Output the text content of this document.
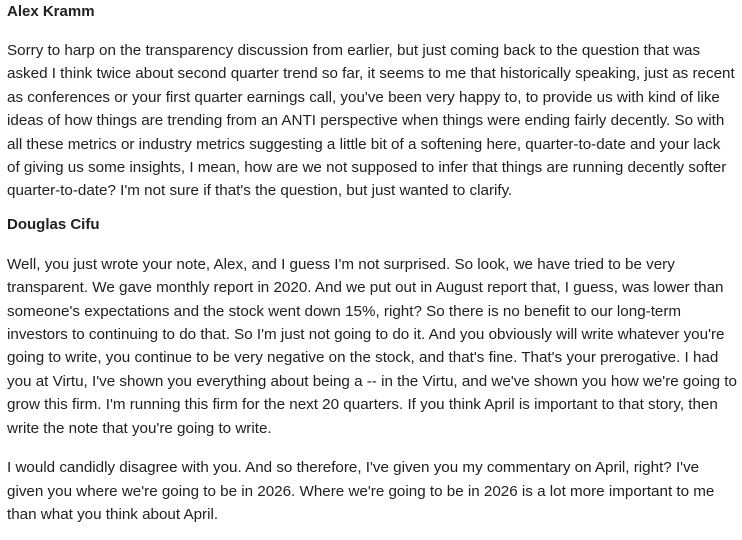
Alex Kramm

Sorry to harp on the transparency discussion from earlier, but just coming back to the question that was asked I think twice about second quarter trend so far, it seems to me that historically speaking, just as recent as conferences or your first quarter earnings call, you've been very happy to, to provide us with kind of like ideas of how things are trending from an ANTI perspective when things were ending fairly decently. So with all these metrics or industry metrics suggesting a little bit of a softening here, quarter-to-date and your lack of giving us some insights, I mean, how are we not supposed to infer that things are running decently softer quarter-to-date? I'm not sure if that's the question, but just wanted to clarify.

Douglas Cifu

Well, you just wrote your note, Alex, and I guess I'm not surprised. So look, we have tried to be very transparent. We gave monthly report in 2020. And we put out in August report that, I guess, was lower than someone's expectations and the stock went down 15%, right? So there is no benefit to our long-term investors to continuing to do that. So I'm just not going to do it. And you obviously will write whatever you're going to write, you continue to be very negative on the stock, and that's fine. That's your prerogative. I had you at Virtu, I've shown you everything about being a -- in the Virtu, and we've shown you how we're going to grow this firm. I'm running this firm for the next 20 quarters. If you think April is important to that story, then write the note that you're going to write.

I would candidly disagree with you. And so therefore, I've given you my commentary on April, right? I've given you where we're going to be in 2026. Where we're going to be in 2026 is a lot more important to me than what you think about April.
